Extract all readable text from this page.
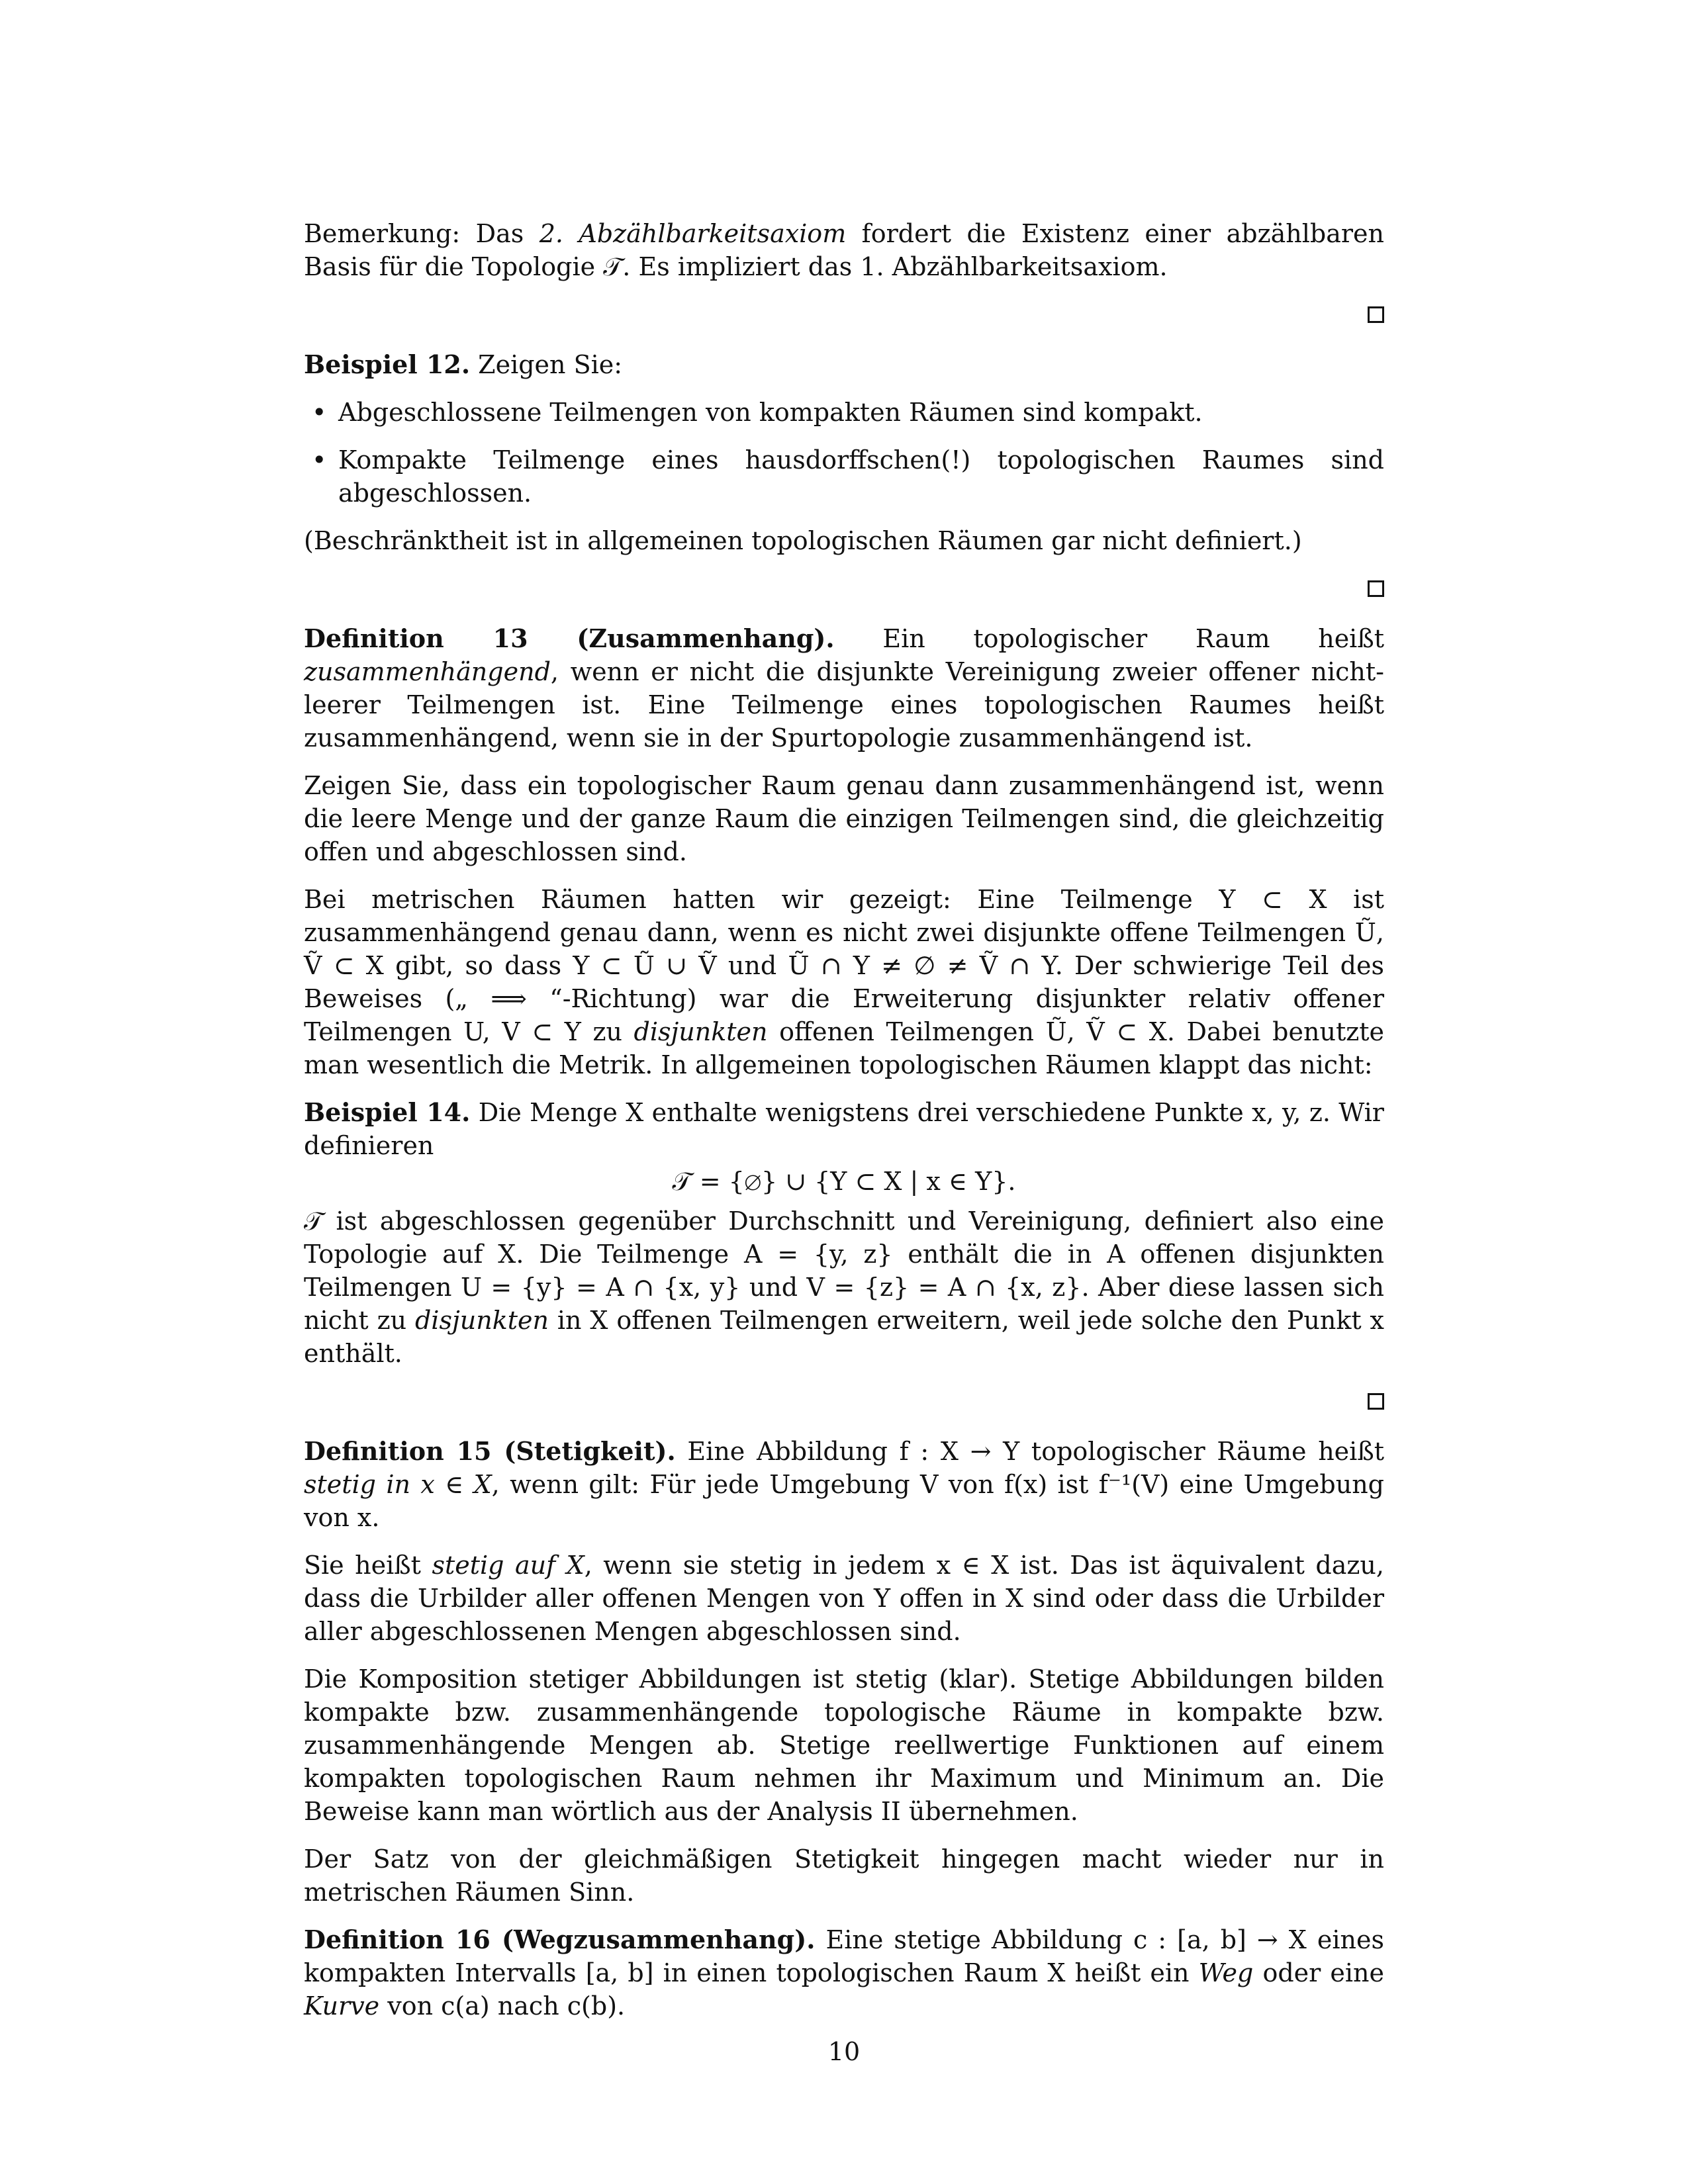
Bemerkung: Das 2. Abzählbarkeitsaxiom fordert die Existenz einer abzählbaren Basis für die Topologie 𝒯. Es impliziert das 1. Abzählbarkeitsaxiom.

Beispiel 12. Zeigen Sie:

• Abgeschlossene Teilmengen von kompakten Räumen sind kompakt.
• Kompakte Teilmenge eines hausdorffschen(!) topologischen Raumes sind abgeschlossen.

(Beschränktheit ist in allgemeinen topologischen Räumen gar nicht definiert.)

Definition 13 (Zusammenhang). Ein topologischer Raum heißt zusammenhängend, wenn er nicht die disjunkte Vereinigung zweier offener nicht-leerer Teilmengen ist. Eine Teilmenge eines topologischen Raumes heißt zusammenhängend, wenn sie in der Spurtopologie zusammenhängend ist.

Zeigen Sie, dass ein topologischer Raum genau dann zusammenhängend ist, wenn die leere Menge und der ganze Raum die einzigen Teilmengen sind, die gleichzeitig offen und abgeschlossen sind.

Bei metrischen Räumen hatten wir gezeigt: Eine Teilmenge Y ⊂ X ist zusammenhängend genau dann, wenn es nicht zwei disjunkte offene Teilmengen Ũ, Ṽ ⊂ X gibt, so dass Y ⊂ Ũ ∪ Ṽ und Ũ ∩ Y ≠ ∅ ≠ Ṽ ∩ Y. Der schwierige Teil des Beweises („ ⟹ “-Richtung) war die Erweiterung disjunkter relativ offener Teilmengen U, V ⊂ Y zu disjunkten offenen Teilmengen Ũ, Ṽ ⊂ X. Dabei benutzte man wesentlich die Metrik. In allgemeinen topologischen Räumen klappt das nicht:

Beispiel 14. Die Menge X enthalte wenigstens drei verschiedene Punkte x, y, z. Wir definieren

𝒯 = {∅} ∪ {Y ⊂ X | x ∈ Y}.

𝒯 ist abgeschlossen gegenüber Durchschnitt und Vereinigung, definiert also eine Topologie auf X. Die Teilmenge A = {y, z} enthält die in A offenen disjunkten Teilmengen U = {y} = A ∩ {x, y} und V = {z} = A ∩ {x, z}. Aber diese lassen sich nicht zu disjunkten in X offenen Teilmengen erweitern, weil jede solche den Punkt x enthält.

Definition 15 (Stetigkeit). Eine Abbildung f : X → Y topologischer Räume heißt stetig in x ∈ X, wenn gilt: Für jede Umgebung V von f(x) ist f⁻¹(V) eine Umgebung von x.

Sie heißt stetig auf X, wenn sie stetig in jedem x ∈ X ist. Das ist äquivalent dazu, dass die Urbilder aller offenen Mengen von Y offen in X sind oder dass die Urbilder aller abgeschlossenen Mengen abgeschlossen sind.

Die Komposition stetiger Abbildungen ist stetig (klar). Stetige Abbildungen bilden kompakte bzw. zusammenhängende topologische Räume in kompakte bzw. zusammenhängende Mengen ab. Stetige reellwertige Funktionen auf einem kompakten topologischen Raum nehmen ihr Maximum und Minimum an. Die Beweise kann man wörtlich aus der Analysis II übernehmen.

Der Satz von der gleichmäßigen Stetigkeit hingegen macht wieder nur in metrischen Räumen Sinn.

Definition 16 (Wegzusammenhang). Eine stetige Abbildung c : [a, b] → X eines kompakten Intervalls [a, b] in einen topologischen Raum X heißt ein Weg oder eine Kurve von c(a) nach c(b).

10
